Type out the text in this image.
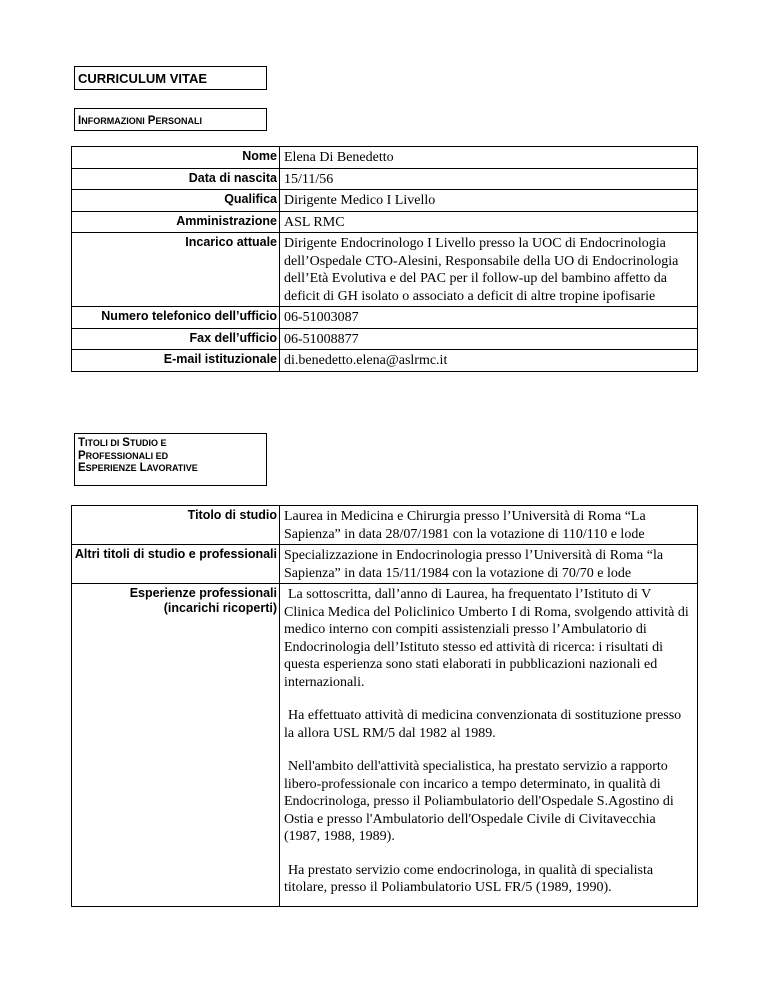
CURRICULUM VITAE
INFORMAZIONI PERSONALI
Nome	Elena Di Benedetto
Data di nascita	15/11/56
Qualifica	Dirigente Medico I Livello
Amministrazione	ASL RMC
Incarico attuale	Dirigente Endocrinologo I Livello presso la UOC di Endocrinologia dell’Ospedale CTO-Alesini, Responsabile della UO di Endocrinologia dell’Età Evolutiva e del PAC per il follow-up del bambino affetto da deficit di GH isolato o associato a deficit di altre tropine ipofisarie
Numero telefonico dell’ufficio	06-51003087
Fax dell’ufficio	06-51008877
E-mail istituzionale	di.benedetto.elena@aslrmc.it
TITOLI DI STUDIO E
PROFESSIONALI ED
ESPERIENZE LAVORATIVE
Titolo di studio	Laurea in Medicina e Chirurgia presso l’Università di Roma “La Sapienza” in data 28/07/1981 con la votazione di 110/110 e lode
Altri titoli di studio e professionali	Specializzazione in Endocrinologia presso l’Università di Roma “la Sapienza” in data 15/11/1984 con la votazione di 70/70 e lode
Esperienze professionali (incarichi ricoperti)	La sottoscritta, dall’anno di Laurea, ha frequentato l’Istituto di V Clinica Medica del Policlinico Umberto I di Roma, svolgendo attività di medico interno con compiti assistenziali presso l’Ambulatorio di Endocrinologia dell’Istituto stesso ed attività di ricerca: i risultati di questa esperienza sono stati elaborati in pubblicazioni nazionali ed internazionali.

Ha effettuato attività di medicina convenzionata di sostituzione presso la allora USL RM/5 dal 1982 al 1989.

Nell'ambito dell'attività specialistica, ha prestato servizio a rapporto libero-professionale con incarico a tempo determinato, in qualità di Endocrinologa, presso il Poliambulatorio dell'Ospedale S.Agostino di Ostia e presso l'Ambulatorio dell'Ospedale Civile di Civitavecchia (1987, 1988, 1989).

Ha prestato servizio come endocrinologa, in qualità di specialista titolare, presso il Poliambulatorio USL FR/5 (1989, 1990).
